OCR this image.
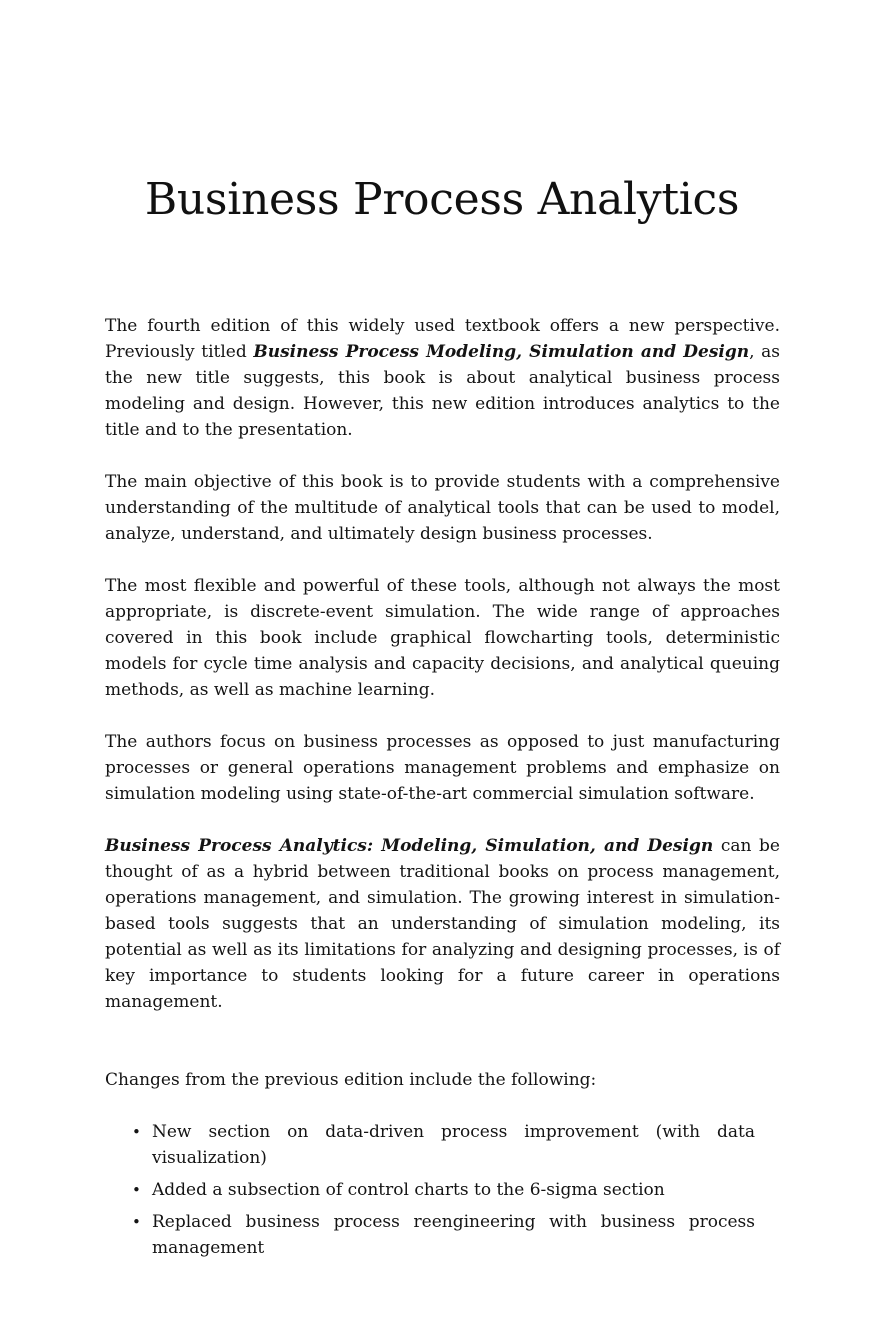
Business Process Analytics

The fourth edition of this widely used textbook offers a new perspective. Previously titled Business Process Modeling, Simulation and Design, as the new title suggests, this book is about analytical business process modeling and design. However, this new edition introduces analytics to the title and to the presentation.

The main objective of this book is to provide students with a comprehensive understanding of the multitude of analytical tools that can be used to model, analyze, understand, and ultimately design business processes.

The most flexible and powerful of these tools, although not always the most appropriate, is discrete-event simulation. The wide range of approaches covered in this book include graphical flowcharting tools, deterministic models for cycle time analysis and capacity decisions, and analytical queuing methods, as well as machine learning.

The authors focus on business processes as opposed to just manufacturing processes or general operations management problems and emphasize on simulation modeling using state-of-the-art commercial simulation software.

Business Process Analytics: Modeling, Simulation, and Design can be thought of as a hybrid between traditional books on process management, operations management, and simulation. The growing interest in simulation-based tools suggests that an understanding of simulation modeling, its potential as well as its limitations for analyzing and designing processes, is of key importance to students looking for a future career in operations management.

Changes from the previous edition include the following:

• New section on data-driven process improvement (with data visualization)
• Added a subsection of control charts to the 6-sigma section
• Replaced business process reengineering with business process management
